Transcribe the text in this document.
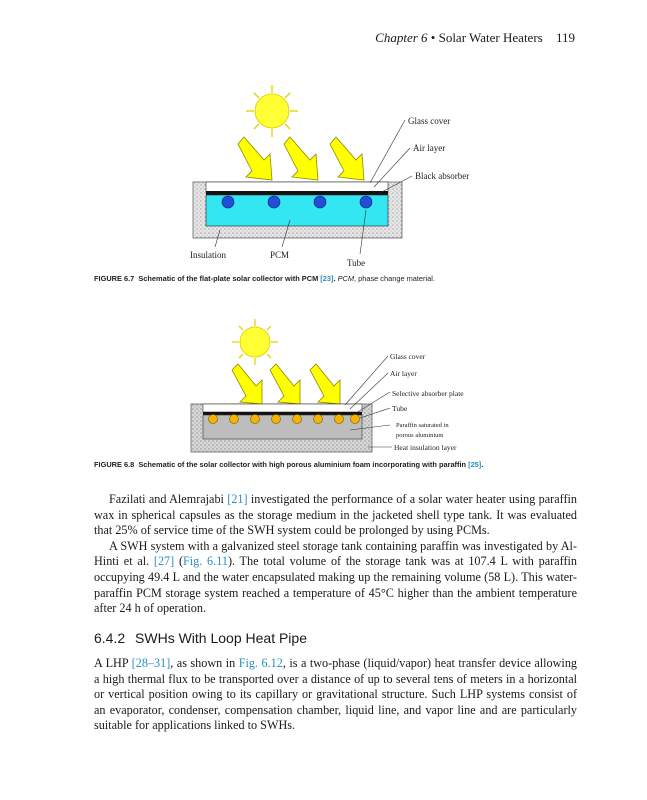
Chapter 6 • Solar Water Heaters 119
Glass cover
Air layer
Black absorber
Insulation	PCM
Tube
FIGURE 6.7 Schematic of the flat-plate solar collector with PCM [23]. PCM, phase change material.
Glass cover
Air layer
Selective absorber plate
Tube
Paraffin saturated in
porous aluminium
Heat insulation layer
FIGURE 6.8 Schematic of the solar collector with high porous aluminium foam incorporating with paraffin [25].

Fazilati and Alemrajabi [21] investigated the performance of a solar water heater using paraffin wax in spherical capsules as the storage medium in the jacketed shell type tank. It was evaluated that 25% of service time of the SWH system could be prolonged by using PCMs.

A SWH system with a galvanized steel storage tank containing paraffin was investigated by Al-Hinti et al. [27] (Fig. 6.11). The total volume of the storage tank was at 107.4 L with paraffin occupying 49.4 L and the water encapsulated making up the remaining volume (58 L). This water-paraffin PCM storage system reached a temperature of 45°C higher than the ambient temperature after 24 h of operation.

6.4.2 SWHs With Loop Heat Pipe

A LHP [28–31], as shown in Fig. 6.12, is a two-phase (liquid/vapor) heat transfer device allowing a high thermal flux to be transported over a distance of up to several tens of meters in a horizontal or vertical position owing to its capillary or gravitational structure. Such LHP systems consist of an evaporator, condenser, compensation chamber, liquid line, and vapor line and are particularly suitable for applications linked to SWHs.
